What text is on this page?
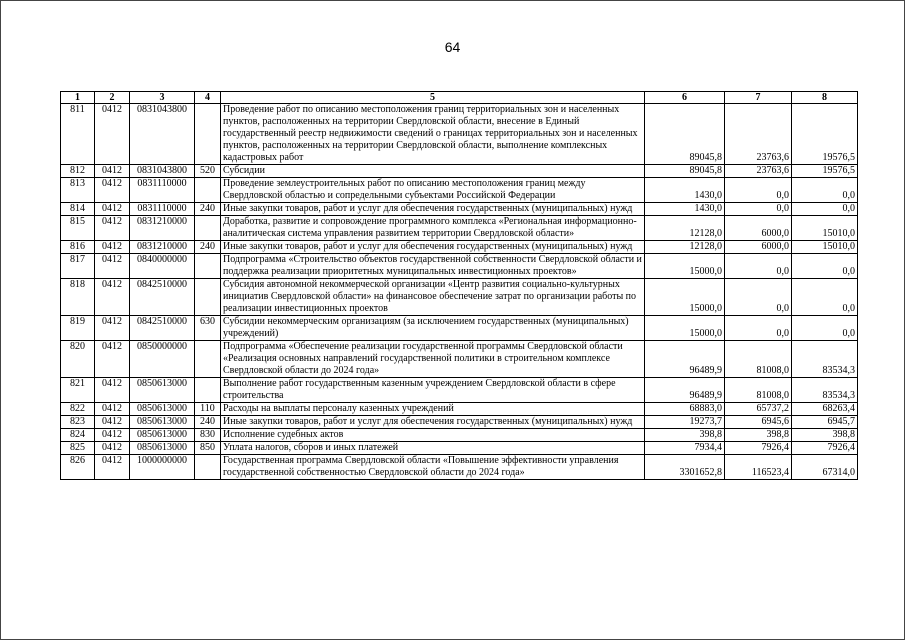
64
1	2	3	4	5	6	7	8
811	0412	0831043800		Проведение работ по описанию местоположения границ территориальных зон и населенных пунктов, расположенных на территории Свердловской области, внесение в Единый государственный реестр недвижимости сведений о границах территориальных зон и населенных пунктов, расположенных на территории Свердловской области, выполнение комплексных кадастровых работ	89045,8	23763,6	19576,5
812	0412	0831043800	520	Субсидии	89045,8	23763,6	19576,5
813	0412	0831110000		Проведение землеустроительных работ по описанию местоположения границ между Свердловской областью и сопредельными субъектами Российской Федерации	1430,0	0,0	0,0
814	0412	0831110000	240	Иные закупки товаров, работ и услуг для обеспечения государственных (муниципальных) нужд	1430,0	0,0	0,0
815	0412	0831210000		Доработка, развитие и сопровождение программного комплекса «Региональная информационно-аналитическая система управления развитием территории Свердловской области»	12128,0	6000,0	15010,0
816	0412	0831210000	240	Иные закупки товаров, работ и услуг для обеспечения государственных (муниципальных) нужд	12128,0	6000,0	15010,0
817	0412	0840000000		Подпрограмма «Строительство объектов государственной собственности Свердловской области и поддержка реализации приоритетных муниципальных инвестиционных проектов»	15000,0	0,0	0,0
818	0412	0842510000		Субсидия автономной некоммерческой организации «Центр развития социально-культурных инициатив Свердловской области» на финансовое обеспечение затрат по организации работы по реализации инвестиционных проектов	15000,0	0,0	0,0
819	0412	0842510000	630	Субсидии некоммерческим организациям (за исключением государственных (муниципальных) учреждений)	15000,0	0,0	0,0
820	0412	0850000000		Подпрограмма «Обеспечение реализации государственной программы Свердловской области «Реализация основных направлений государственной политики в строительном комплексе Свердловской области до 2024 года»	96489,9	81008,0	83534,3
821	0412	0850613000		Выполнение работ государственным казенным учреждением Свердловской области в сфере строительства	96489,9	81008,0	83534,3
822	0412	0850613000	110	Расходы на выплаты персоналу казенных учреждений	68883,0	65737,2	68263,4
823	0412	0850613000	240	Иные закупки товаров, работ и услуг для обеспечения государственных (муниципальных) нужд	19273,7	6945,6	6945,7
824	0412	0850613000	830	Исполнение судебных актов	398,8	398,8	398,8
825	0412	0850613000	850	Уплата налогов, сборов и иных платежей	7934,4	7926,4	7926,4
826	0412	1000000000		Государственная программа Свердловской области «Повышение эффективности управления государственной собственностью Свердловской области до 2024 года»	3301652,8	116523,4	67314,0
